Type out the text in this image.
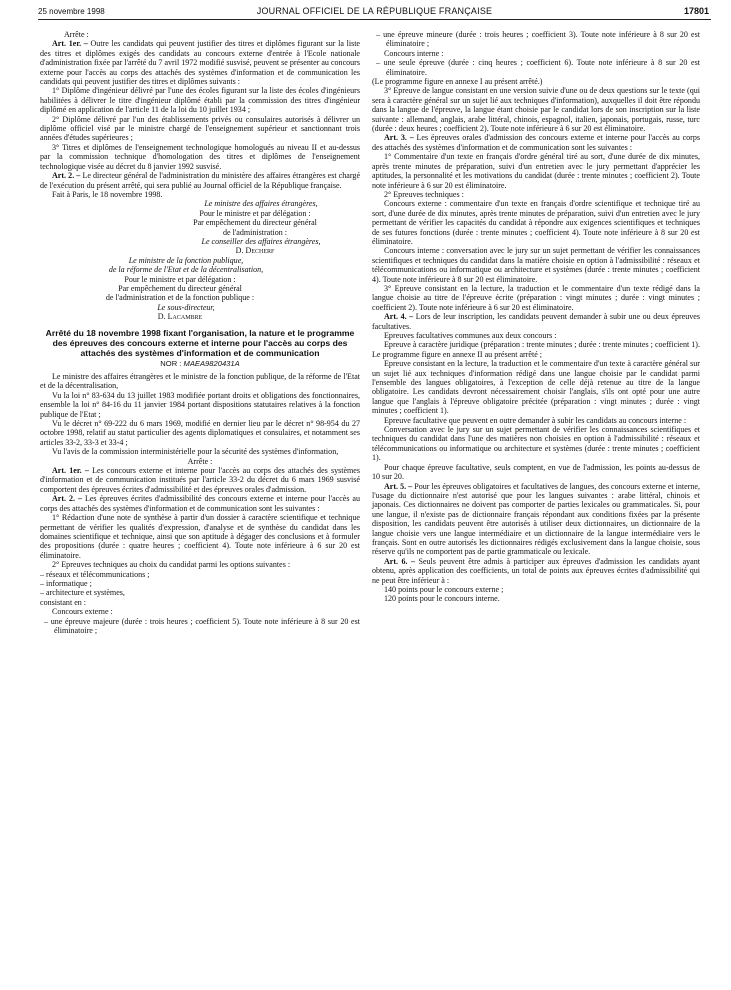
25 novembre 1998	JOURNAL OFFICIEL DE LA RÉPUBLIQUE FRANÇAISE	17801

Arrête :

Art. 1er. – Outre les candidats qui peuvent justifier des titres et diplômes figurant sur la liste des titres et diplômes exigés des candidats au concours externe d'entrée à l'Ecole nationale d'administration fixée par l'arrêté du 7 avril 1972 modifié susvisé, peuvent se présenter au concours externe pour l'accès au corps des attachés des systèmes d'information et de communication les candidats qui peuvent justifier des titres et diplômes suivants :

1° Diplôme d'ingénieur délivré par l'une des écoles figurant sur la liste des écoles d'ingénieurs habilitées à délivrer le titre d'ingénieur diplômé établi par la commission des titres d'ingénieur diplômé en application de l'article 11 de la loi du 10 juillet 1934 ;

2° Diplôme délivré par l'un des établissements privés ou consulaires autorisés à délivrer un diplôme officiel visé par le ministre chargé de l'enseignement supérieur et sanctionnant trois années d'études supérieures ;

3° Titres et diplômes de l'enseignement technologique homologués au niveau II et au-dessus par la commission technique d'homologation des titres et diplômes de l'enseignement technologique visée au décret du 8 janvier 1992 susvisé.

Art. 2. – Le directeur général de l'administration du ministère des affaires étrangères est chargé de l'exécution du présent arrêté, qui sera publié au Journal officiel de la République française.

Fait à Paris, le 18 novembre 1998.

Le ministre des affaires étrangères,

Pour le ministre et par délégation :

Par empêchement du directeur général

de l'administration :

Le conseiller des affaires étrangères,

D. Decherf

Le ministre de la fonction publique,

de la réforme de l'Etat et de la décentralisation,

Pour le ministre et par délégation :

Par empêchement du directeur général

de l'administration et de la fonction publique :

Le sous-directeur,

D. Lacambre

Arrêté du 18 novembre 1998 fixant l'organisation, la nature et le programme des épreuves des concours externe et interne pour l'accès au corps des attachés des systèmes d'information et de communication
NOR : MAEA9820431A

Le ministre des affaires étrangères et le ministre de la fonction publique, de la réforme de l'Etat et de la décentralisation,

Vu la loi n° 83-634 du 13 juillet 1983 modifiée portant droits et obligations des fonctionnaires, ensemble la loi n° 84-16 du 11 janvier 1984 portant dispositions statutaires relatives à la fonction publique de l'Etat ;

Vu le décret n° 69-222 du 6 mars 1969, modifié en dernier lieu par le décret n° 98-954 du 27 octobre 1998, relatif au statut particulier des agents diplomatiques et consulaires, et notamment ses articles 33-2, 33-3 et 33-4 ;

Vu l'avis de la commission interministérielle pour la sécurité des systèmes d'information,

Arrête :

Art. 1er. – Les concours externe et interne pour l'accès au corps des attachés des systèmes d'information et de communication institués par l'article 33-2 du décret du 6 mars 1969 susvisé comportent des épreuves écrites d'admissibilité et des épreuves orales d'admission.

Art. 2. – Les épreuves écrites d'admissibilité des concours externe et interne pour l'accès au corps des attachés des systèmes d'information et de communication sont les suivantes :

1° Rédaction d'une note de synthèse à partir d'un dossier à caractère scientifique et technique permettant de vérifier les qualités d'expression, d'analyse et de synthèse du candidat dans les domaines scientifique et technique, ainsi que son aptitude à dégager des conclusions et à formuler des propositions (durée : quatre heures ; coefficient 4). Toute note inférieure à 6 sur 20 est éliminatoire.

2° Epreuves techniques au choix du candidat parmi les options suivantes :

– réseaux et télécommunications ;

– informatique ;

– architecture et systèmes,

consistant en :

Concours externe :

– une épreuve majeure (durée : trois heures ; coefficient 5). Toute note inférieure à 8 sur 20 est éliminatoire ;

– une épreuve mineure (durée : trois heures ; coefficient 3). Toute note inférieure à 8 sur 20 est éliminatoire ;

Concours interne :

– une seule épreuve (durée : cinq heures ; coefficient 6). Toute note inférieure à 8 sur 20 est éliminatoire.

(Le programme figure en annexe I au présent arrêté.)

3° Epreuve de langue consistant en une version suivie d'une ou de deux questions sur le texte (qui sera à caractère général sur un sujet lié aux techniques d'information), auxquelles il doit être répondu dans la langue de l'épreuve, la langue étant choisie par le candidat lors de son inscription sur la liste suivante : allemand, anglais, arabe littéral, chinois, espagnol, italien, japonais, portugais, russe, turc (durée : deux heures ; coefficient 2). Toute note inférieure à 6 sur 20 est éliminatoire.

Art. 3. – Les épreuves orales d'admission des concours externe et interne pour l'accès au corps des attachés des systèmes d'information et de communication sont les suivantes :

1° Commentaire d'un texte en français d'ordre général tiré au sort, d'une durée de dix minutes, après trente minutes de préparation, suivi d'un entretien avec le jury permettant d'apprécier les aptitudes, la personnalité et les motivations du candidat (durée : trente minutes ; coefficient 2). Toute note inférieure à 6 sur 20 est éliminatoire.

2° Epreuves techniques :

Concours externe : commentaire d'un texte en français d'ordre scientifique et technique tiré au sort, d'une durée de dix minutes, après trente minutes de préparation, suivi d'un entretien avec le jury permettant de vérifier les capacités du candidat à répondre aux exigences scientifiques et techniques de ses futures fonctions (durée : trente minutes ; coefficient 4). Toute note inférieure à 8 sur 20 est éliminatoire.

Concours interne : conversation avec le jury sur un sujet permettant de vérifier les connaissances scientifiques et techniques du candidat dans la matière choisie en option à l'admissibilité : réseaux et télécommunications ou informatique ou architecture et systèmes (durée : trente minutes ; coefficient 4). Toute note inférieure à 8 sur 20 est éliminatoire.

3° Epreuve consistant en la lecture, la traduction et le commentaire d'un texte rédigé dans la langue choisie au titre de l'épreuve écrite (préparation : vingt minutes ; durée : vingt minutes ; coefficient 2). Toute note inférieure à 6 sur 20 est éliminatoire.

Art. 4. – Lors de leur inscription, les candidats peuvent demander à subir une ou deux épreuves facultatives.

Epreuves facultatives communes aux deux concours :

Epreuve à caractère juridique (préparation : trente minutes ; durée : trente minutes ; coefficient 1). Le programme figure en annexe II au présent arrêté ;

Epreuve consistant en la lecture, la traduction et le commentaire d'un texte à caractère général sur un sujet lié aux techniques d'information rédigé dans une langue choisie par le candidat parmi l'ensemble des langues obligatoires, à l'exception de celle déjà retenue au titre de la langue obligatoire. Les candidats devront nécessairement choisir l'anglais, s'ils ont opté pour une autre langue que l'anglais à l'épreuve obligatoire précitée (préparation : vingt minutes ; durée : vingt minutes ; coefficient 1).

Epreuve facultative que peuvent en outre demander à subir les candidats au concours interne :

Conversation avec le jury sur un sujet permettant de vérifier les connaissances scientifiques et techniques du candidat dans l'une des matières non choisies en option à l'admissibilité : réseaux et télécommunications ou informatique ou architecture et systèmes (durée : trente minutes ; coefficient 1).

Pour chaque épreuve facultative, seuls comptent, en vue de l'admission, les points au-dessus de 10 sur 20.

Art. 5. – Pour les épreuves obligatoires et facultatives de langues, des concours externe et interne, l'usage du dictionnaire n'est autorisé que pour les langues suivantes : arabe littéral, chinois et japonais. Ces dictionnaires ne doivent pas comporter de parties lexicales ou grammaticales. Si, pour une langue, il n'existe pas de dictionnaire français répondant aux conditions fixées par la présente disposition, les candidats peuvent être autorisés à utiliser deux dictionnaires, un dictionnaire de la langue choisie vers une langue intermédiaire et un dictionnaire de la langue intermédiaire vers le français. Sont en outre autorisés les dictionnaires rédigés exclusivement dans la langue choisie, sous réserve qu'ils ne comportent pas de partie grammaticale ou lexicale.

Art. 6. – Seuls peuvent être admis à participer aux épreuves d'admission les candidats ayant obtenu, après application des coefficients, un total de points aux épreuves écrites d'admissibilité qui ne peut être inférieur à :

140 points pour le concours externe ;

120 points pour le concours interne.
